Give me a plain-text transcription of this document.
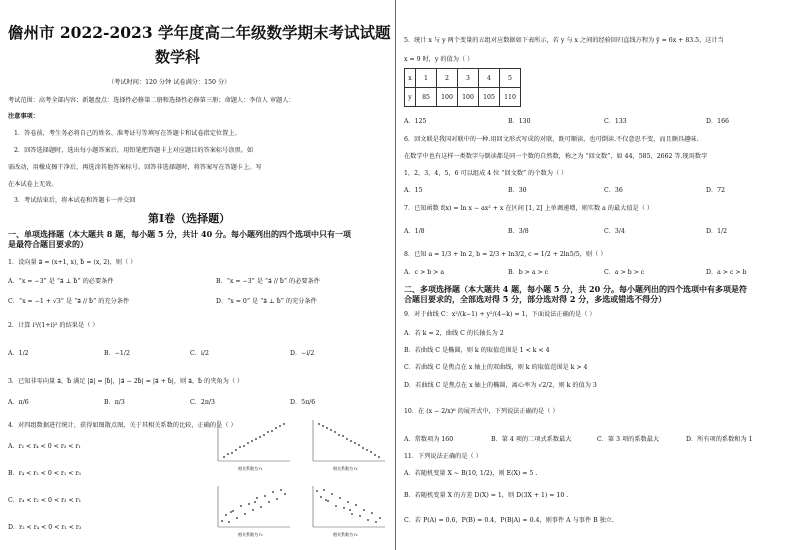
儋州市 2022-2023 学年度高二年级数学期末考试试题
数学科
（考试时间：120 分钟 试卷满分：150 分）
考试范围：高考全部内容；新题盘点：选择性必修第二册和选择性必修第三册；命题人：李信人 审题人：
注意事项：
1．答卷前，考生务必将自己的姓名、准考证号等填写在答题卡和试卷指定位置上。
2．回答选择题时，选出每小题答案后，用铅笔把答题卡上对应题目的答案标号涂黑。如
需改动，用橡皮擦干净后，再选涂其他答案标号。回答非选择题时，将答案写在答题卡上。写
在本试卷上无效。
3．考试结束后，将本试卷和答题卡一并交回
第Ⅰ卷（选择题）
一、单项选择题（本大题共 8 题，每小题 5 分，共计 40 分。每小题列出的四个选项中只有一项
是最符合题目要求的）
1．设向量 a⃗ = (x+1, x), b⃗ = (x, 2)，则（ ）
A．“x = −3” 是 “a⃗ ⊥ b⃗” 的必要条件	B．“x = −3” 是 “a⃗ // b⃗” 的必要条件
C．“x = −1 + √3” 是 “a⃗ // b⃗” 的充分条件	D．“x = 0” 是 “a⃗ ⊥ b⃗” 的充分条件
2．计算 i³/(1+i)² 的结果是（ ）
A．1/2	B．−1/2	C．i/2	D．−i/2
3．已知非零向量 a⃗，b⃗ 满足 |a⃗| = |b⃗|，|a⃗ − 2b⃗| = |a⃗ + b⃗|，则 a⃗，b⃗ 的夹角为（ ）
A．π/6	B．π/3	C．2π/3	D．5π/6
4．对四组数据进行统计，获得如图散点图，关于其相关系数的比较，正确的是（ ）
A．r₂ < r₄ < 0 < r₃ < r₁
B．r₄ < r₂ < 0 < r₁ < r₃
C．r₄ < r₂ < 0 < r₃ < r₁
D．r₂ < r₄ < 0 < r₁ < r₃
相关系数为 r₁	相关系数为 r₂
相关系数为 r₃	相关系数为 r₄
5．统计 x 与 y 两个变量的五组对应数据如下表所示，若 y 与 x 之间的经验回归直线方程为 ŷ = 6x + 83.5，这计当
x = 9 时，y 的值为（ ）
x	1	2	3	4	5
y	85	100	100	105	110
A．125	B．130	C．133	D．166
6．回文联是我国对联中的一种.用回文形式写成的对联，既可顺读，也可倒读.不仅意思不变，而且颇具趣味.
在数学中也有这样一类数字与倒读都是同一个数的自然数，称之为 “回文数”，如 44，585，2662 等.现用数字
1，2，3，4，5，6 可以组成 4 位 “回文数” 的个数为（ ）
A．15	B．30	C．36	D．72
7．已知函数 f(x) = ln x − ax² + x 在区间 [1, 2] 上单调递增，则实数 a 的最大值是（ ）
A．1/8	B．3/8	C．3/4	D．1/2
8．已知 a = 1/3 + ln 2, b = 2/3 + ln3/2, c = 1/2 + 2ln5/5，则（ ）
A．c > b > a	B．b > a > c	C．a > b > c	D．a > c > b
二、多项选择题（本大题共 4 题，每小题 5 分，共 20 分。每小题列出的四个选项中有多项是符
合题目要求的，全部选对得 5 分，部分选对得 2 分，多选或错选不得分）
9．对于曲线 C：x²/(k−1) + y²/(4−k) = 1，下面说法正确的是（ ）
A．若 k = 2，曲线 C 的长轴长为 2
B．若曲线 C 是椭圆，则 k 的取值范围是 1 < k < 4
C．若曲线 C 是焦点在 x 轴上的双曲线，则 k 的取值范围是 k > 4
D．若曲线 C 是焦点在 x 轴上的椭圆，离心率为 √2/2，则 k 的值为 3
10．在 (x − 2/x)⁶ 的展开式中，下列说法正确的是（ ）
A．常数项为 160	B．第 4 项的二项式系数最大	C．第 3 项的系数最大	D．所有项的系数和为 1
11．下列说法正确的是（ ）
A．若随机变量 X ~ B(10, 1/2)，则 E(X) = 5 .
B．若随机变量 X 的方差 D(X) = 1，则 D(3X + 1) = 10 .
C．若 P(A) = 0.6，P(B) = 0.4，P(B|A) = 0.4，则事件 A 与事件 B 独立.
